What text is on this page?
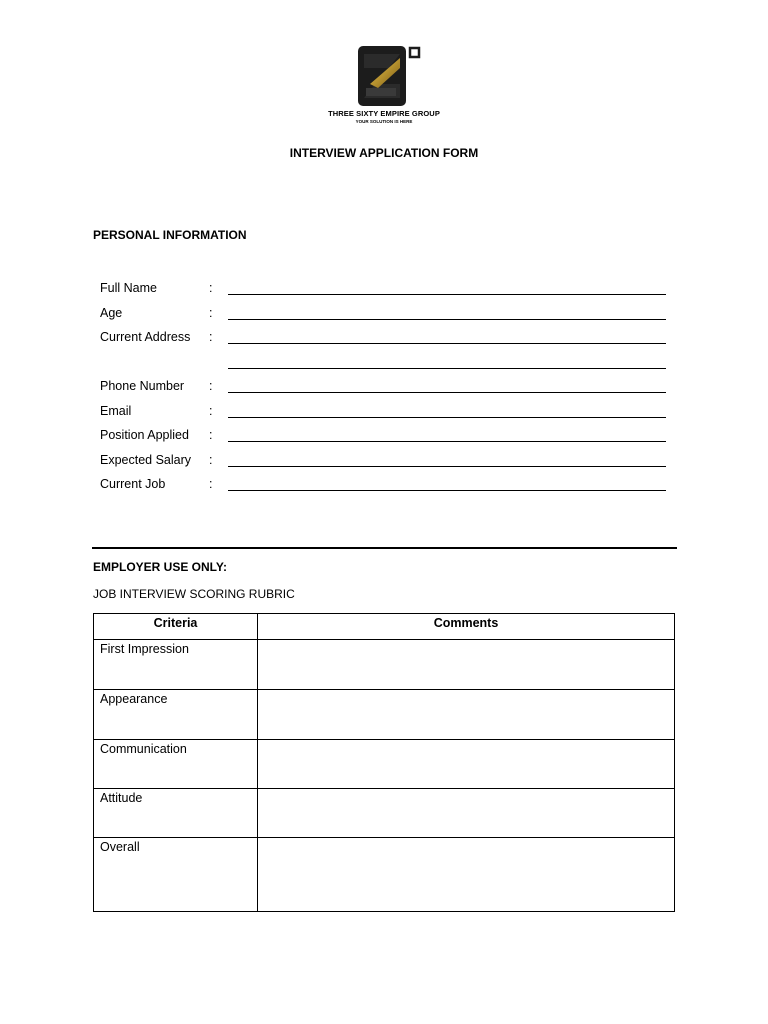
THREE SIXTY EMPIRE GROUP
YOUR SOLUTION IS HERE
INTERVIEW APPLICATION FORM
PERSONAL INFORMATION
Full Name	:
Age	:
Current Address :
Phone Number :
Email	:
Position Applied :
Expected Salary :
Current Job	:
EMPLOYER USE ONLY:
JOB INTERVIEW SCORING RUBRIC
Criteria	Comments
First Impression	
Appearance	
Communication	
Attitude	
Overall	
